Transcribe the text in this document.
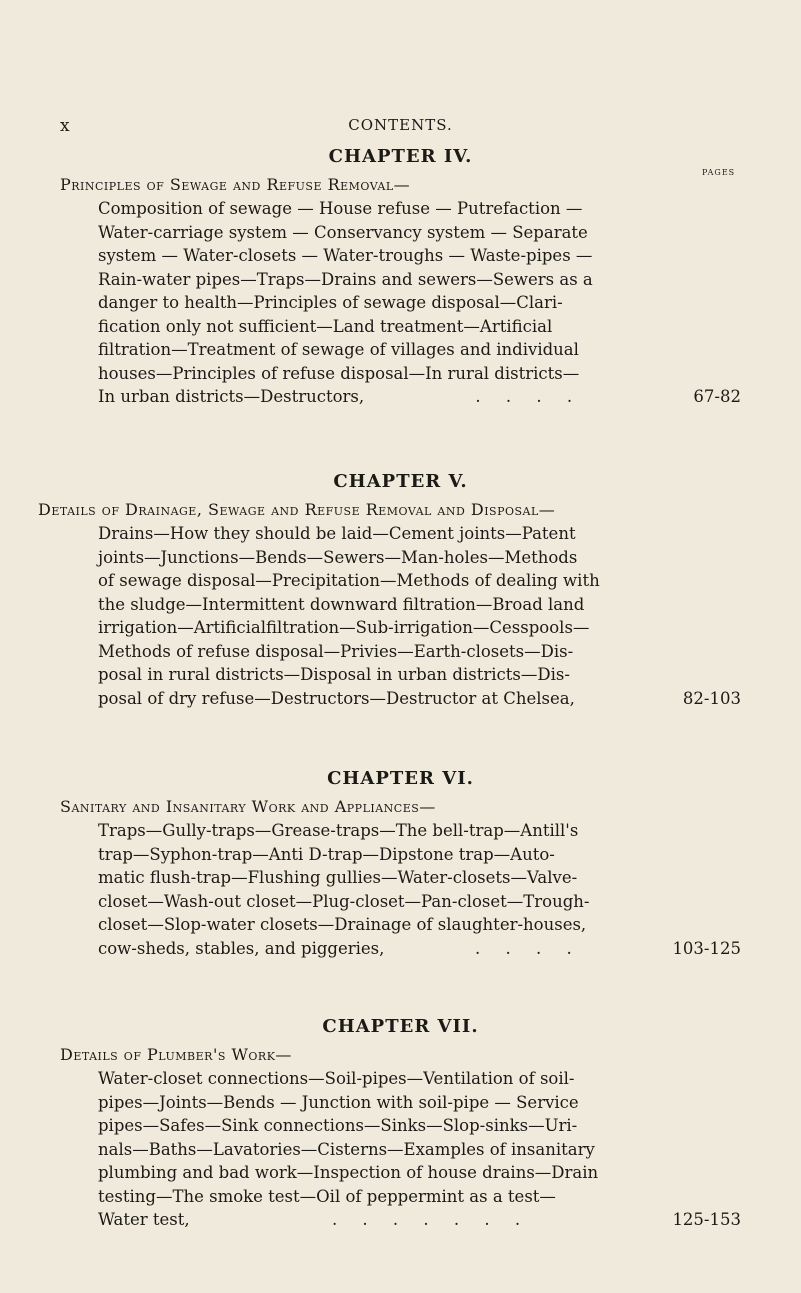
x	CONTENTS.
PAGES
CHAPTER IV.
Principles of Sewage and Refuse Removal—
Composition of sewage — House refuse — Putrefaction —
Water-carriage system — Conservancy system — Separate
system — Water-closets — Water-troughs — Waste-pipes —
Rain-water pipes—Traps—Drains and sewers—Sewers as a
danger to health—Principles of sewage disposal—Clari-
fication only not sufficient—Land treatment—Artificial
filtration—Treatment of sewage of villages and individual
houses—Principles of refuse disposal—In rural districts—
In urban districts—Destructors,	. . . .	67-82
CHAPTER V.
Details of Drainage, Sewage and Refuse Removal and Disposal—
Drains—How they should be laid—Cement joints—Patent
joints—Junctions—Bends—Sewers—Man-holes—Methods
of sewage disposal—Precipitation—Methods of dealing with
the sludge—Intermittent downward filtration—Broad land
irrigation—Artificialfiltration—Sub-irrigation—Cesspools—
Methods of refuse disposal—Privies—Earth-closets—Dis-
posal in rural districts—Disposal in urban districts—Dis-
posal of dry refuse—Destructors—Destructor at Chelsea,	82-103
CHAPTER VI.
Sanitary and Insanitary Work and Appliances—
Traps—Gully-traps—Grease-traps—The bell-trap—Antill's
trap—Syphon-trap—Anti D-trap—Dipstone trap—Auto-
matic flush-trap—Flushing gullies—Water-closets—Valve-
closet—Wash-out closet—Plug-closet—Pan-closet—Trough-
closet—Slop-water closets—Drainage of slaughter-houses,
cow-sheds, stables, and piggeries,	. . . .	103-125
CHAPTER VII.
Details of Plumber's Work—
Water-closet connections—Soil-pipes—Ventilation of soil-
pipes—Joints—Bends — Junction with soil-pipe — Service
pipes—Safes—Sink connections—Sinks—Slop-sinks—Uri-
nals—Baths—Lavatories—Cisterns—Examples of insanitary
plumbing and bad work—Inspection of house drains—Drain
testing—The smoke test—Oil of peppermint as a test—
Water test,	. . . . . . .	125-153
